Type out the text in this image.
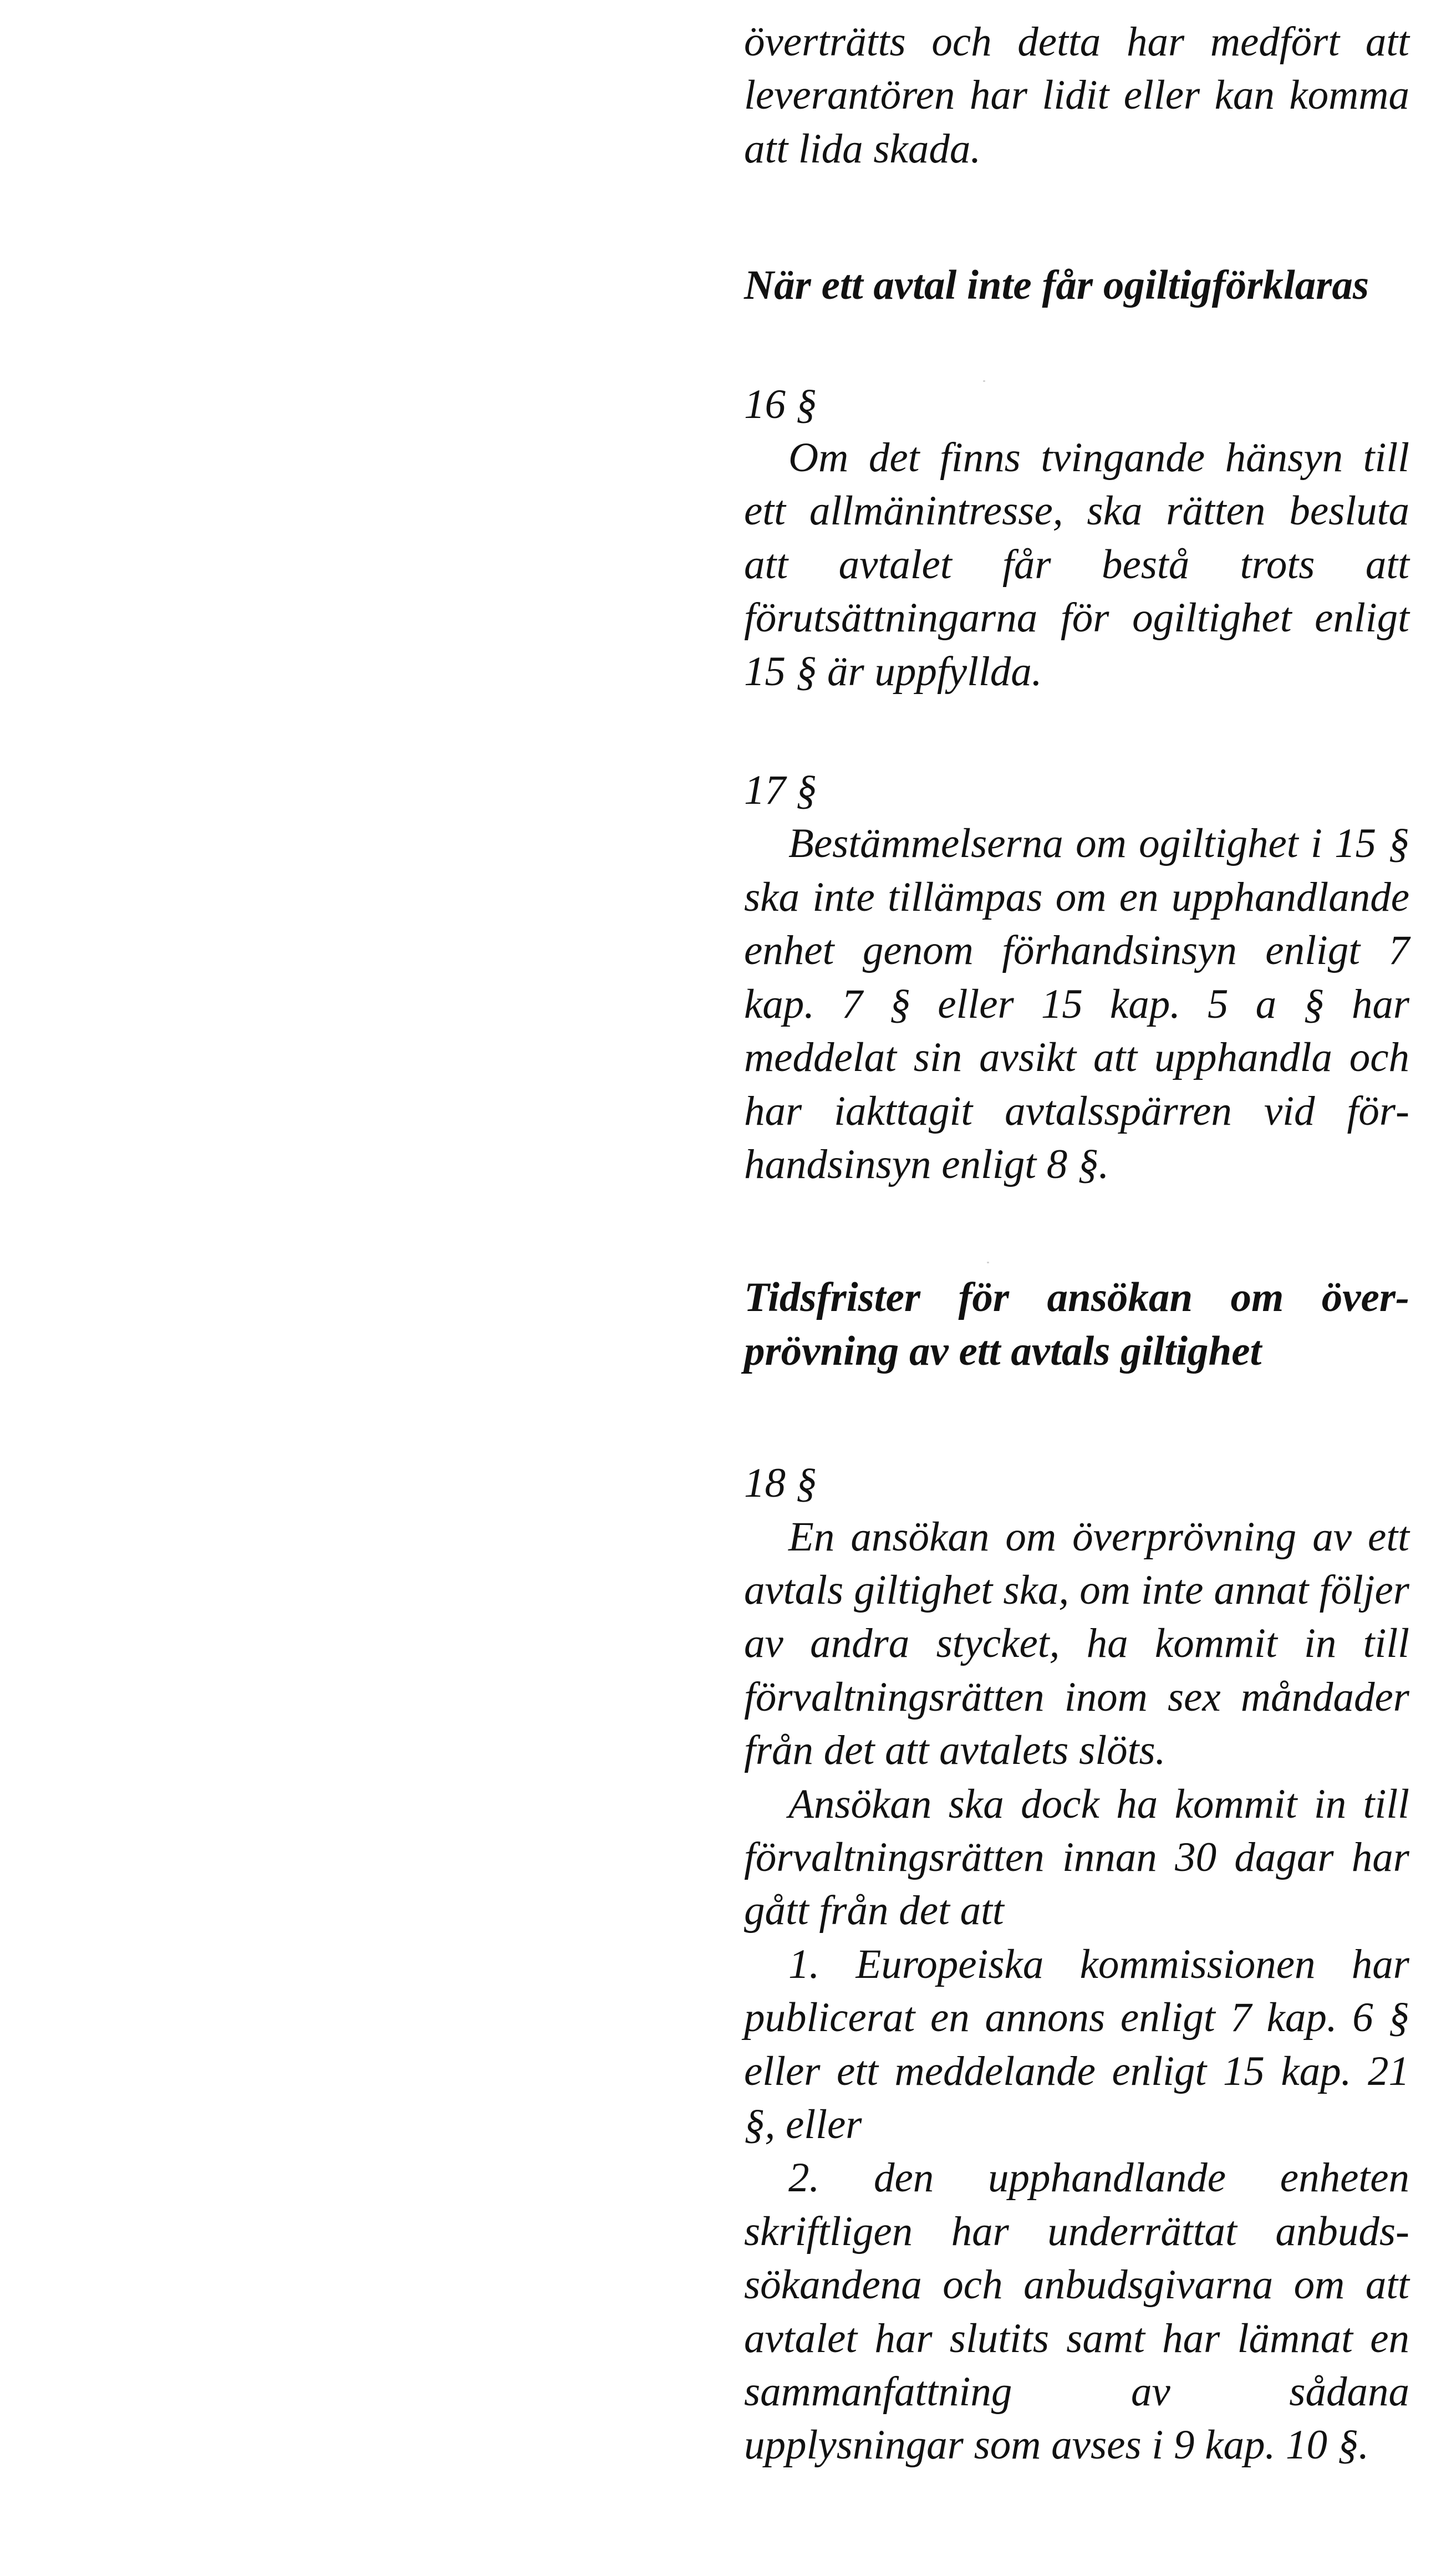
överträtts och detta har medfört att leverantören har lidit eller kan komma att lida skada.

När ett avtal inte får ogiltigförklaras

16 §

Om det finns tvingande hänsyn till ett allmänintresse, ska rätten besluta att avtalet får bestå trots att förutsättningarna för ogiltighet enligt 15 § är uppfyllda.

17 §

Bestämmelserna om ogiltighet i 15 § ska inte tillämpas om en upphandlande enhet genom förhandsinsyn enligt 7 kap. 7 § eller 15 kap. 5 a § har meddelat sin avsikt att upphandla och har iakttagit avtalsspärren vid förhandsinsyn enligt 8 §.

Tidsfrister för ansökan om överprövning av ett avtals giltighet

18 §

En ansökan om överprövning av ett avtals giltighet ska, om inte annat följer av andra stycket, ha kommit in till förvaltningsrätten inom sex måndader från det att avtalets slöts.

Ansökan ska dock ha kommit in till förvaltningsrätten innan 30 dagar har gått från det att

1. Europeiska kommissionen har publicerat en annons enligt 7 kap. 6 § eller ett meddelande enligt 15 kap. 21 §, eller

2. den upphandlande enheten skriftligen har underrättat anbudssökandena och anbudsgivarna om att avtalet har slutits samt har lämnat en sammanfattning av sådana upplysningar som avses i 9 kap. 10 §.
